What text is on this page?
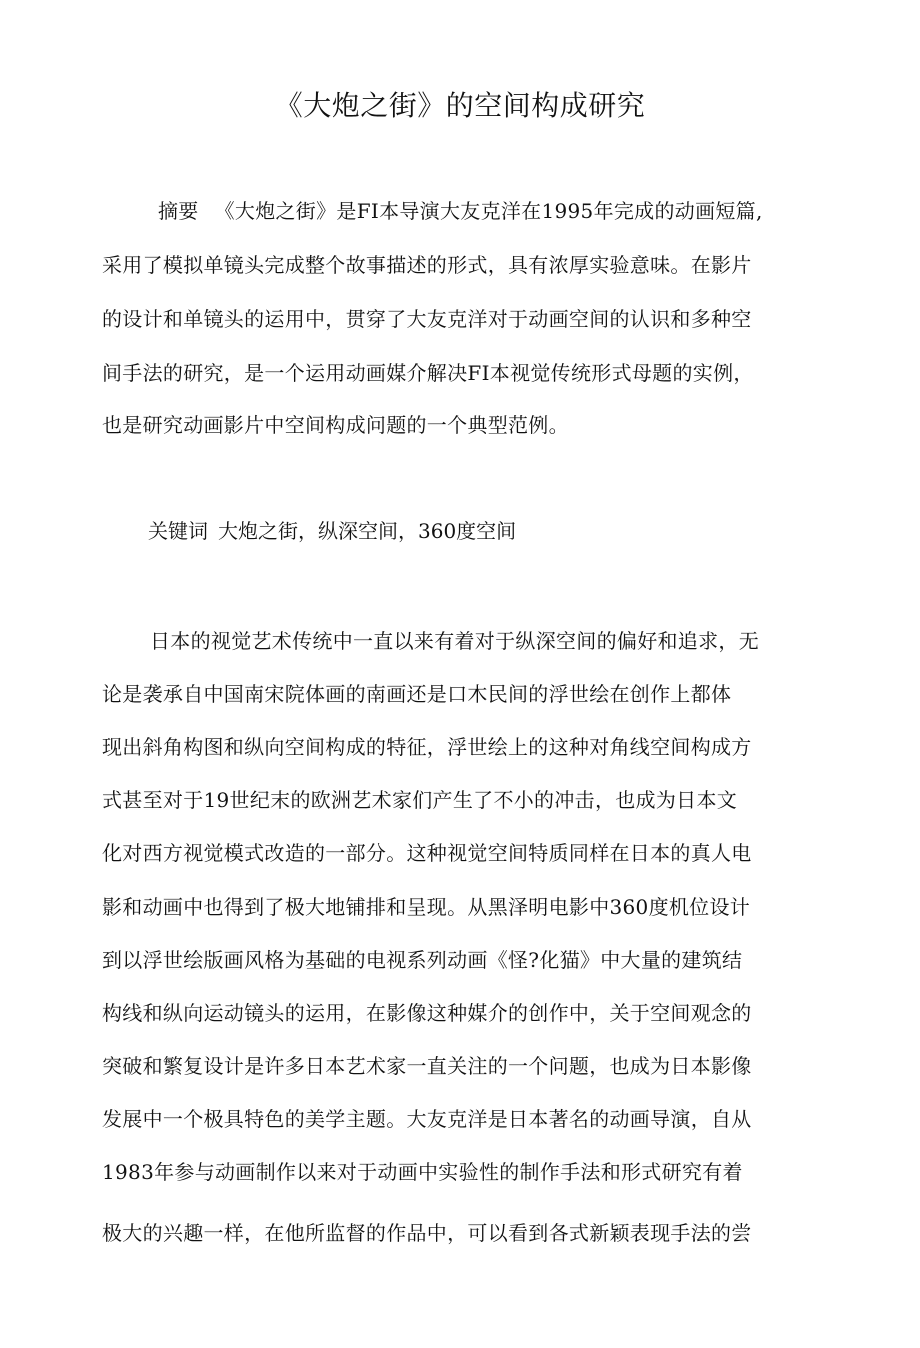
《大炮之街》的空间构成研究
摘要 《大炮之街》是FI本导演大友克洋在1995年完成的动画短篇,
采用了模拟单镜头完成整个故事描述的形式，具有浓厚实验意味。在影片
的设计和单镜头的运用中，贯穿了大友克洋对于动画空间的认识和多种空
间手法的研究，是一个运用动画媒介解决FI本视觉传统形式母题的实例，
也是研究动画影片中空间构成问题的一个典型范例。
关键词 大炮之街，纵深空间，360度空间
日本的视觉艺术传统中一直以来有着对于纵深空间的偏好和追求，无
论是袭承自中国南宋院体画的南画还是口木民间的浮世绘在创作上都体
现出斜角构图和纵向空间构成的特征，浮世绘上的这种对角线空间构成方
式甚至对于19世纪末的欧洲艺术家们产生了不小的冲击，也成为日本文
化对西方视觉模式改造的一部分。这种视觉空间特质同样在日本的真人电
影和动画中也得到了极大地铺排和呈现。从黑泽明电影中360度机位设计
到以浮世绘版画风格为基础的电视系列动画《怪?化猫》中大量的建筑结
构线和纵向运动镜头的运用，在影像这种媒介的创作中，关于空间观念的
突破和繁复设计是许多日本艺术家一直关注的一个问题，也成为日本影像
发展中一个极具特色的美学主题。大友克洋是日本著名的动画导演，自从
1983年参与动画制作以来对于动画中实验性的制作手法和形式研究有着
极大的兴趣一样，在他所监督的作品中，可以看到各式新颖表现手法的尝
